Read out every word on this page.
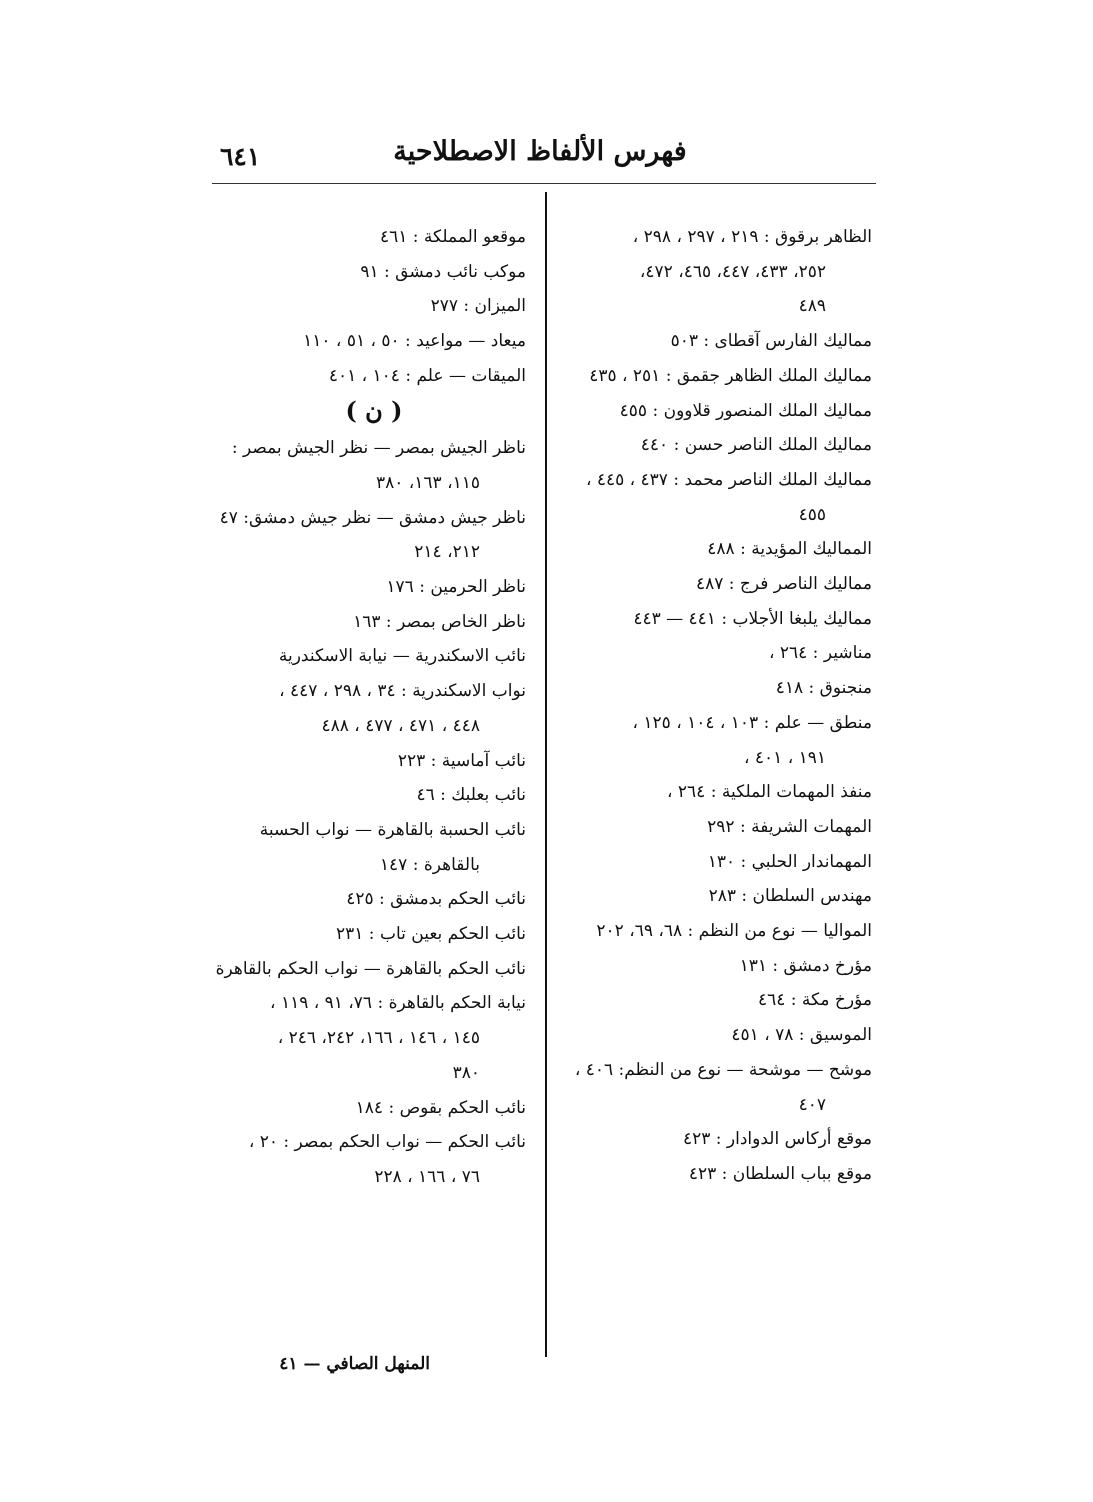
فهرس الألفاظ الاصطلاحية
٦٤١
الظاهر برقوق : ٢١٩ ، ٢٩٧ ، ٢٩٨ ،
٢٥٢، ٤٣٣، ٤٤٧، ٤٦٥، ٤٧٢،
٤٨٩
مماليك الفارس آقطاى : ٥٠٣
مماليك الملك الظاهر جقمق : ٢٥١ ، ٤٣٥
مماليك الملك المنصور قلاوون : ٤٥٥
مماليك الملك الناصر حسن : ٤٤٠
مماليك الملك الناصر محمد : ٤٣٧ ، ٤٤٥ ،
٤٥٥
المماليك المؤيدية : ٤٨٨
مماليك الناصر فرج : ٤٨٧
مماليك يلبغا الأجلاب : ٤٤١ — ٤٤٣
مناشير : ٢٦٤ ،
منجنوق : ٤١٨
منطق — علم : ١٠٣ ، ١٠٤ ، ١٢٥ ،
١٩١ ، ٤٠١ ،
منفذ المهمات الملكية : ٢٦٤ ،
المهمات الشريفة : ٢٩٢
المهماندار الحلبي : ١٣٠
مهندس السلطان : ٢٨٣
المواليا — نوع من النظم : ٦٨، ٦٩، ٢٠٢
مؤرخ دمشق : ١٣١
مؤرخ مكة : ٤٦٤
الموسيق : ٧٨ ، ٤٥١
موشح — موشحة — نوع من النظم: ٤٠٦ ،
٤٠٧
موقع أركاس الدوادار : ٤٢٣
موقع بباب السلطان : ٤٢٣
موقعو المملكة : ٤٦١
موكب نائب دمشق : ٩١
الميزان : ٢٧٧
ميعاد — مواعيد : ٥٠ ، ٥١ ، ١١٠
الميقات — علم : ١٠٤ ، ٤٠١
( ن )
ناظر الجيش بمصر — نظر الجيش بمصر :
١١٥، ١٦٣، ٣٨٠
ناظر جيش دمشق — نظر جيش دمشق: ٤٧
٢١٢، ٢١٤
ناظر الحرمين : ١٧٦
ناظر الخاص بمصر : ١٦٣
نائب الاسكندرية — نيابة الاسكندرية
نواب الاسكندرية : ٣٤ ، ٢٩٨ ، ٤٤٧ ،
٤٤٨ ، ٤٧١ ، ٤٧٧ ، ٤٨٨
نائب آماسية : ٢٢٣
نائب بعلبك : ٤٦
نائب الحسبة بالقاهرة — نواب الحسبة
بالقاهرة : ١٤٧
نائب الحكم بدمشق : ٤٢٥
نائب الحكم بعين تاب : ٢٣١
نائب الحكم بالقاهرة — نواب الحكم بالقاهرة
نيابة الحكم بالقاهرة : ٧٦، ٩١ ، ١١٩ ،
١٤٥ ، ١٤٦ ، ١٦٦، ٢٤٢، ٢٤٦ ،
٣٨٠
نائب الحكم بقوص : ١٨٤
نائب الحكم — نواب الحكم بمصر : ٢٠ ،
٧٦ ، ١٦٦ ، ٢٢٨
المنهل الصافي — ٤١
